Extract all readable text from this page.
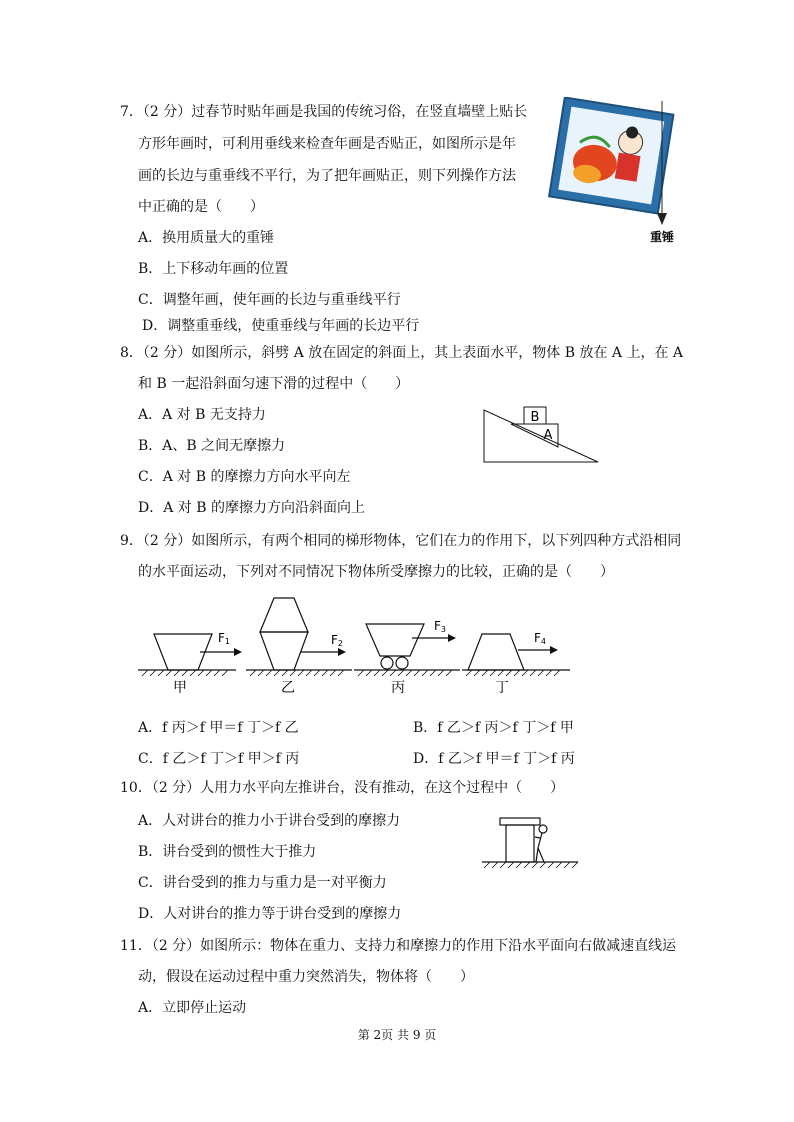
7．（2 分）过春节时贴年画是我国的传统习俗，在竖直墙壁上贴长
方形年画时，可利用垂线来检查年画是否贴正，如图所示是年
画的长边与重垂线不平行，为了把年画贴正，则下列操作方法
中正确的是（　　）
A．换用质量大的重锤
B．上下移动年画的位置
C．调整年画，使年画的长边与重垂线平行
D．调整重垂线，使重垂线与年画的长边平行
重锤
8．（2 分）如图所示，斜劈 A 放在固定的斜面上，其上表面水平，物体 B 放在 A 上，在 A
和 B 一起沿斜面匀速下滑的过程中（　　）
A．A 对 B 无支持力
B．A、B 之间无摩擦力
C．A 对 B 的摩擦力方向水平向左
D．A 对 B 的摩擦力方向沿斜面向上
B
A
9．（2 分）如图所示，有两个相同的梯形物体，它们在力的作用下，以下列四种方式沿相同
的水平面运动，下列对不同情况下物体所受摩擦力的比较，正确的是（　　）
F1
甲
F2
乙
F3
丙
F4
丁
A．f 丙＞f 甲＝f 丁＞f 乙	B．f 乙＞f 丙＞f 丁＞f 甲
C．f 乙＞f 丁＞f 甲＞f 丙	D．f 乙＞f 甲＝f 丁＞f 丙
10．（2 分）人用力水平向左推讲台，没有推动，在这个过程中（　　）
A．人对讲台的推力小于讲台受到的摩擦力
B．讲台受到的惯性大于推力
C．讲台受到的推力与重力是一对平衡力
D．人对讲台的推力等于讲台受到的摩擦力
11．（2 分）如图所示：物体在重力、支持力和摩擦力的作用下沿水平面向右做减速直线运
动，假设在运动过程中重力突然消失，物体将（　　）
A．立即停止运动
第 2页 共 9 页
